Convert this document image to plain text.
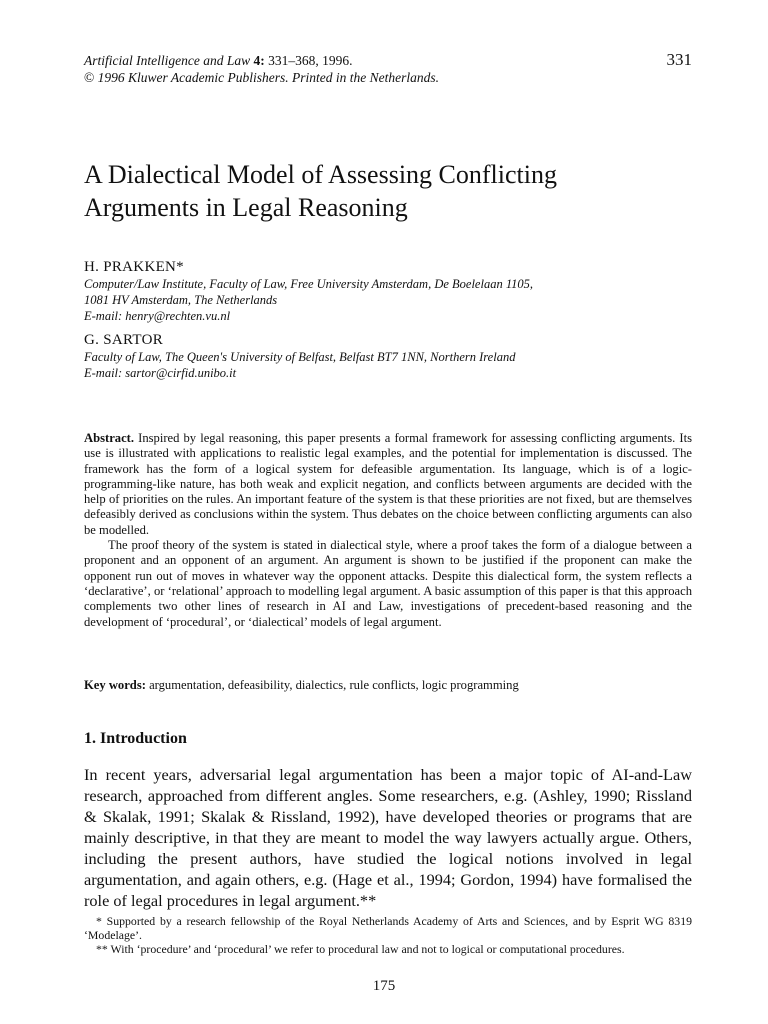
Artificial Intelligence and Law 4: 331–368, 1996.
© 1996 Kluwer Academic Publishers. Printed in the Netherlands.
331
A Dialectical Model of Assessing Conflicting
Arguments in Legal Reasoning
H. PRAKKEN*
Computer/Law Institute, Faculty of Law, Free University Amsterdam, De Boelelaan 1105,
1081 HV Amsterdam, The Netherlands
E-mail: henry@rechten.vu.nl
G. SARTOR
Faculty of Law, The Queen's University of Belfast, Belfast BT7 1NN, Northern Ireland
E-mail: sartor@cirfid.unibo.it

Abstract. Inspired by legal reasoning, this paper presents a formal framework for assessing conflicting arguments. Its use is illustrated with applications to realistic legal examples, and the potential for implementation is discussed. The framework has the form of a logical system for defeasible argumentation. Its language, which is of a logic-programming-like nature, has both weak and explicit negation, and conflicts between arguments are decided with the help of priorities on the rules. An important feature of the system is that these priorities are not fixed, but are themselves defeasibly derived as conclusions within the system. Thus debates on the choice between conflicting arguments can also be modelled.

The proof theory of the system is stated in dialectical style, where a proof takes the form of a dialogue between a proponent and an opponent of an argument. An argument is shown to be justified if the proponent can make the opponent run out of moves in whatever way the opponent attacks. Despite this dialectical form, the system reflects a ‘declarative’, or ‘relational’ approach to modelling legal argument. A basic assumption of this paper is that this approach complements two other lines of research in AI and Law, investigations of precedent-based reasoning and the development of ‘procedural’, or ‘dialectical’ models of legal argument.

Key words: argumentation, defeasibility, dialectics, rule conflicts, logic programming
1. Introduction

In recent years, adversarial legal argumentation has been a major topic of AI-and-Law research, approached from different angles. Some researchers, e.g. (Ashley, 1990; Rissland & Skalak, 1991; Skalak & Rissland, 1992), have developed theories or programs that are mainly descriptive, in that they are meant to model the way lawyers actually argue. Others, including the present authors, have studied the logical notions involved in legal argumentation, and again others, e.g. (Hage et al., 1994; Gordon, 1994) have formalised the role of legal procedures in legal argument.**

* Supported by a research fellowship of the Royal Netherlands Academy of Arts and Sciences, and by Esprit WG 8319 ‘Modelage’.

** With ‘procedure’ and ‘procedural’ we refer to procedural law and not to logical or computational procedures.

175
